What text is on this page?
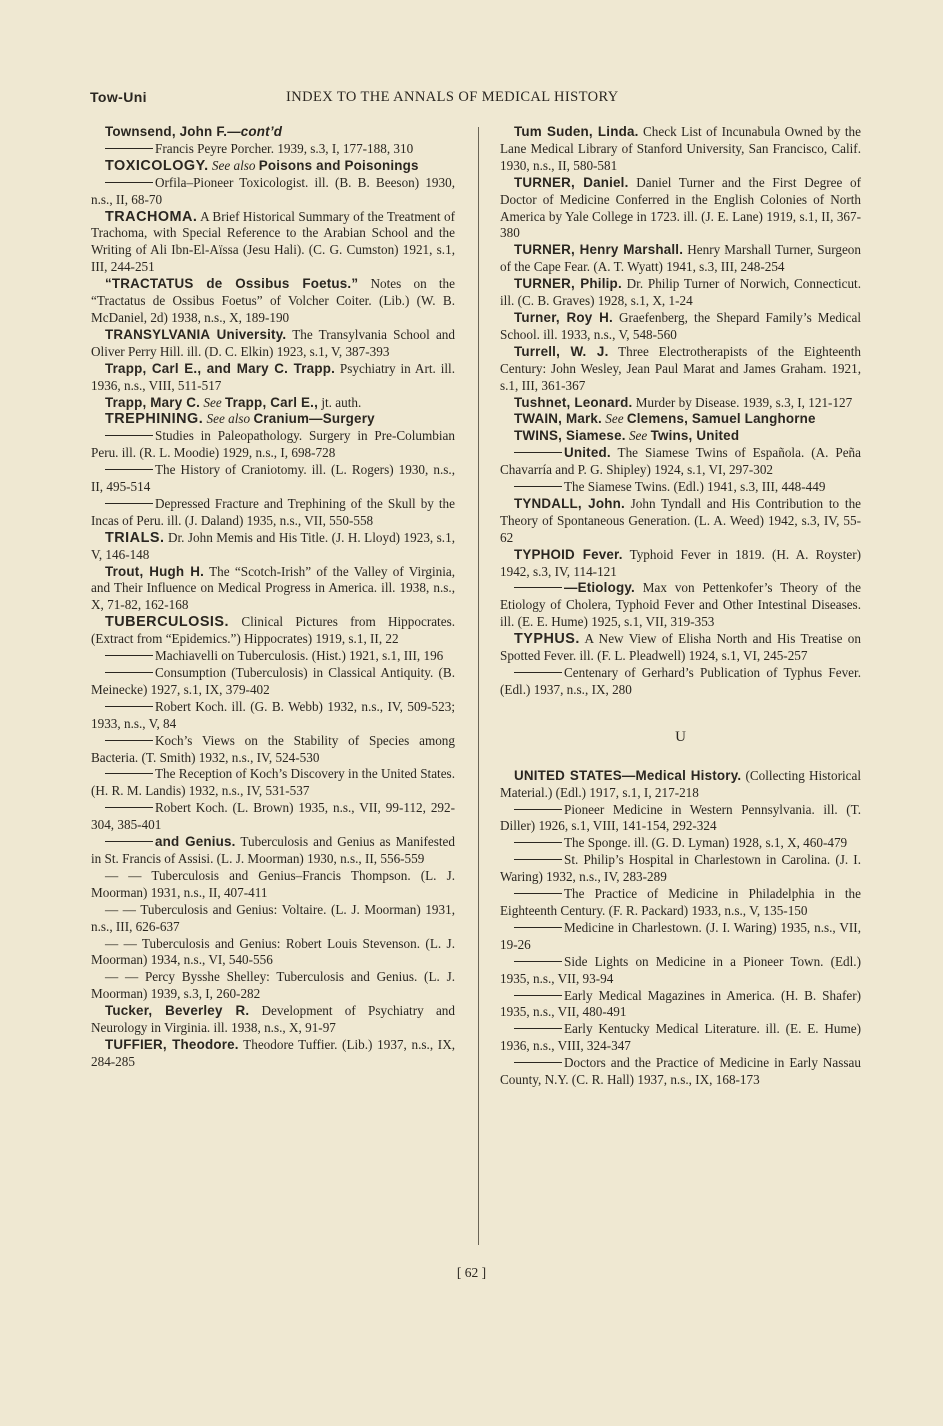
Tow-Uni	INDEX TO THE ANNALS OF MEDICAL HISTORY

Townsend, John F.—cont’d

Francis Peyre Porcher. 1939, s.3, I, 177-188, 310

TOXICOLOGY. See also Poisons and Poisonings

Orfila–Pioneer Toxicologist. ill. (B. B. Beeson) 1930, n.s., II, 68-70

TRACHOMA. A Brief Historical Summary of the Treatment of Trachoma, with Special Reference to the Arabian School and the Writing of Ali Ibn-El-Aïssa (Jesu Hali). (C. G. Cumston) 1921, s.1, III, 244-251

“TRACTATUS de Ossibus Foetus.” Notes on the “Tractatus de Ossibus Foetus” of Volcher Coiter. (Lib.) (W. B. McDaniel, 2d) 1938, n.s., X, 189-190

TRANSYLVANIA University. The Transylvania School and Oliver Perry Hill. ill. (D. C. Elkin) 1923, s.1, V, 387-393

Trapp, Carl E., and Mary C. Trapp. Psychiatry in Art. ill. 1936, n.s., VIII, 511-517

Trapp, Mary C. See Trapp, Carl E., jt. auth.

TREPHINING. See also Cranium—Surgery

Studies in Paleopathology. Surgery in Pre-Columbian Peru. ill. (R. L. Moodie) 1929, n.s., I, 698-728

The History of Craniotomy. ill. (L. Rogers) 1930, n.s., II, 495-514

Depressed Fracture and Trephining of the Skull by the Incas of Peru. ill. (J. Daland) 1935, n.s., VII, 550-558

TRIALS. Dr. John Memis and His Title. (J. H. Lloyd) 1923, s.1, V, 146-148

Trout, Hugh H. The “Scotch-Irish” of the Valley of Virginia, and Their Influence on Medical Progress in America. ill. 1938, n.s., X, 71-82, 162-168

TUBERCULOSIS. Clinical Pictures from Hippocrates. (Extract from “Epidemics.”) Hippocrates) 1919, s.1, II, 22

Machiavelli on Tuberculosis. (Hist.) 1921, s.1, III, 196

Consumption (Tuberculosis) in Classical Antiquity. (B. Meinecke) 1927, s.1, IX, 379-402

Robert Koch. ill. (G. B. Webb) 1932, n.s., IV, 509-523; 1933, n.s., V, 84

Koch’s Views on the Stability of Species among Bacteria. (T. Smith) 1932, n.s., IV, 524-530

The Reception of Koch’s Discovery in the United States. (H. R. M. Landis) 1932, n.s., IV, 531-537

Robert Koch. (L. Brown) 1935, n.s., VII, 99-112, 292-304, 385-401

and Genius. Tuberculosis and Genius as Manifested in St. Francis of Assisi. (L. J. Moorman) 1930, n.s., II, 556-559

— — Tuberculosis and Genius–Francis Thompson. (L. J. Moorman) 1931, n.s., II, 407-411

— — Tuberculosis and Genius: Voltaire. (L. J. Moorman) 1931, n.s., III, 626-637

— — Tuberculosis and Genius: Robert Louis Stevenson. (L. J. Moorman) 1934, n.s., VI, 540-556

— — Percy Bysshe Shelley: Tuberculosis and Genius. (L. J. Moorman) 1939, s.3, I, 260-282

Tucker, Beverley R. Development of Psychiatry and Neurology in Virginia. ill. 1938, n.s., X, 91-97

TUFFIER, Theodore. Theodore Tuffier. (Lib.) 1937, n.s., IX, 284-285

Tum Suden, Linda. Check List of Incunabula Owned by the Lane Medical Library of Stanford University, San Francisco, Calif. 1930, n.s., II, 580-581

TURNER, Daniel. Daniel Turner and the First Degree of Doctor of Medicine Conferred in the English Colonies of North America by Yale College in 1723. ill. (J. E. Lane) 1919, s.1, II, 367-380

TURNER, Henry Marshall. Henry Marshall Turner, Surgeon of the Cape Fear. (A. T. Wyatt) 1941, s.3, III, 248-254

TURNER, Philip. Dr. Philip Turner of Norwich, Connecticut. ill. (C. B. Graves) 1928, s.1, X, 1-24

Turner, Roy H. Graefenberg, the Shepard Family’s Medical School. ill. 1933, n.s., V, 548-560

Turrell, W. J. Three Electrotherapists of the Eighteenth Century: John Wesley, Jean Paul Marat and James Graham. 1921, s.1, III, 361-367

Tushnet, Leonard. Murder by Disease. 1939, s.3, I, 121-127

TWAIN, Mark. See Clemens, Samuel Langhorne

TWINS, Siamese. See Twins, United

United. The Siamese Twins of Española. (A. Peña Chavarría and P. G. Shipley) 1924, s.1, VI, 297-302

The Siamese Twins. (Edl.) 1941, s.3, III, 448-449

TYNDALL, John. John Tyndall and His Contribution to the Theory of Spontaneous Generation. (L. A. Weed) 1942, s.3, IV, 55-62

TYPHOID Fever. Typhoid Fever in 1819. (H. A. Royster) 1942, s.3, IV, 114-121

—Etiology. Max von Pettenkofer’s Theory of the Etiology of Cholera, Typhoid Fever and Other Intestinal Diseases. ill. (E. E. Hume) 1925, s.1, VII, 319-353

TYPHUS. A New View of Elisha North and His Treatise on Spotted Fever. ill. (F. L. Pleadwell) 1924, s.1, VI, 245-257

Centenary of Gerhard’s Publication of Typhus Fever. (Edl.) 1937, n.s., IX, 280

U

UNITED STATES—Medical History. (Collecting Historical Material.) (Edl.) 1917, s.1, I, 217-218

Pioneer Medicine in Western Pennsylvania. ill. (T. Diller) 1926, s.1, VIII, 141-154, 292-324

The Sponge. ill. (G. D. Lyman) 1928, s.1, X, 460-479

St. Philip’s Hospital in Charlestown in Carolina. (J. I. Waring) 1932, n.s., IV, 283-289

The Practice of Medicine in Philadelphia in the Eighteenth Century. (F. R. Packard) 1933, n.s., V, 135-150

Medicine in Charlestown. (J. I. Waring) 1935, n.s., VII, 19-26

Side Lights on Medicine in a Pioneer Town. (Edl.) 1935, n.s., VII, 93-94

Early Medical Magazines in America. (H. B. Shafer) 1935, n.s., VII, 480-491

Early Kentucky Medical Literature. ill. (E. E. Hume) 1936, n.s., VIII, 324-347

Doctors and the Practice of Medicine in Early Nassau County, N.Y. (C. R. Hall) 1937, n.s., IX, 168-173

[ 62 ]
